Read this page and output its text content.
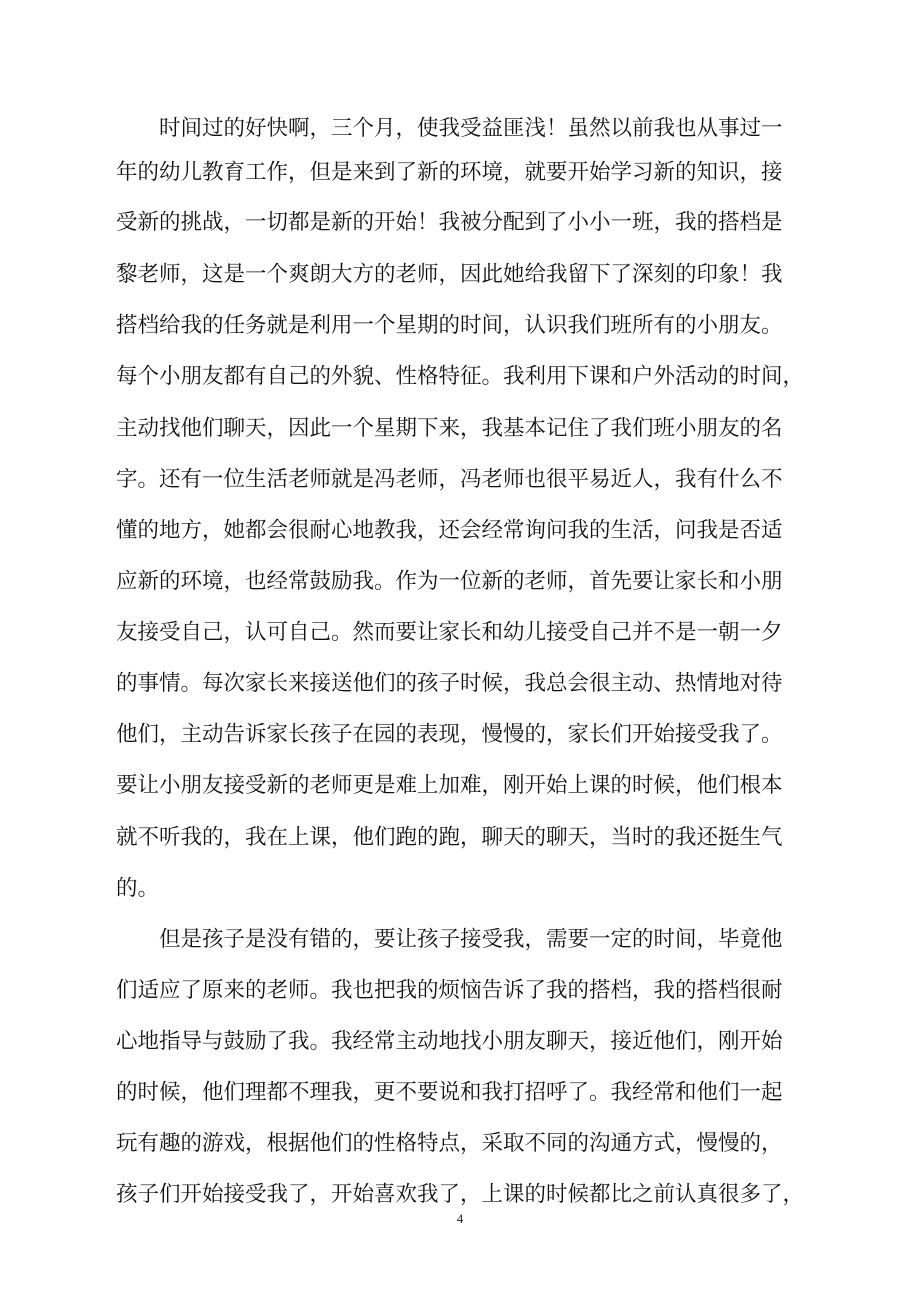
时间过的好快啊，三个月，使我受益匪浅！虽然以前我也从事过一
年的幼儿教育工作，但是来到了新的环境，就要开始学习新的知识，接
受新的挑战，一切都是新的开始！我被分配到了小小一班，我的搭档是
黎老师，这是一个爽朗大方的老师，因此她给我留下了深刻的印象！我
搭档给我的任务就是利用一个星期的时间，认识我们班所有的小朋友。
每个小朋友都有自己的外貌、性格特征。我利用下课和户外活动的时间，
主动找他们聊天，因此一个星期下来，我基本记住了我们班小朋友的名
字。还有一位生活老师就是冯老师，冯老师也很平易近人，我有什么不
懂的地方，她都会很耐心地教我，还会经常询问我的生活，问我是否适
应新的环境，也经常鼓励我。作为一位新的老师，首先要让家长和小朋
友接受自己，认可自己。然而要让家长和幼儿接受自己并不是一朝一夕
的事情。每次家长来接送他们的孩子时候，我总会很主动、热情地对待
他们，主动告诉家长孩子在园的表现，慢慢的，家长们开始接受我了。
要让小朋友接受新的老师更是难上加难，刚开始上课的时候，他们根本
就不听我的，我在上课，他们跑的跑，聊天的聊天，当时的我还挺生气
的。
但是孩子是没有错的，要让孩子接受我，需要一定的时间，毕竟他
们适应了原来的老师。我也把我的烦恼告诉了我的搭档，我的搭档很耐
心地指导与鼓励了我。我经常主动地找小朋友聊天，接近他们，刚开始
的时候，他们理都不理我，更不要说和我打招呼了。我经常和他们一起
玩有趣的游戏，根据他们的性格特点，采取不同的沟通方式，慢慢的，
孩子们开始接受我了，开始喜欢我了，上课的时候都比之前认真很多了，
4
